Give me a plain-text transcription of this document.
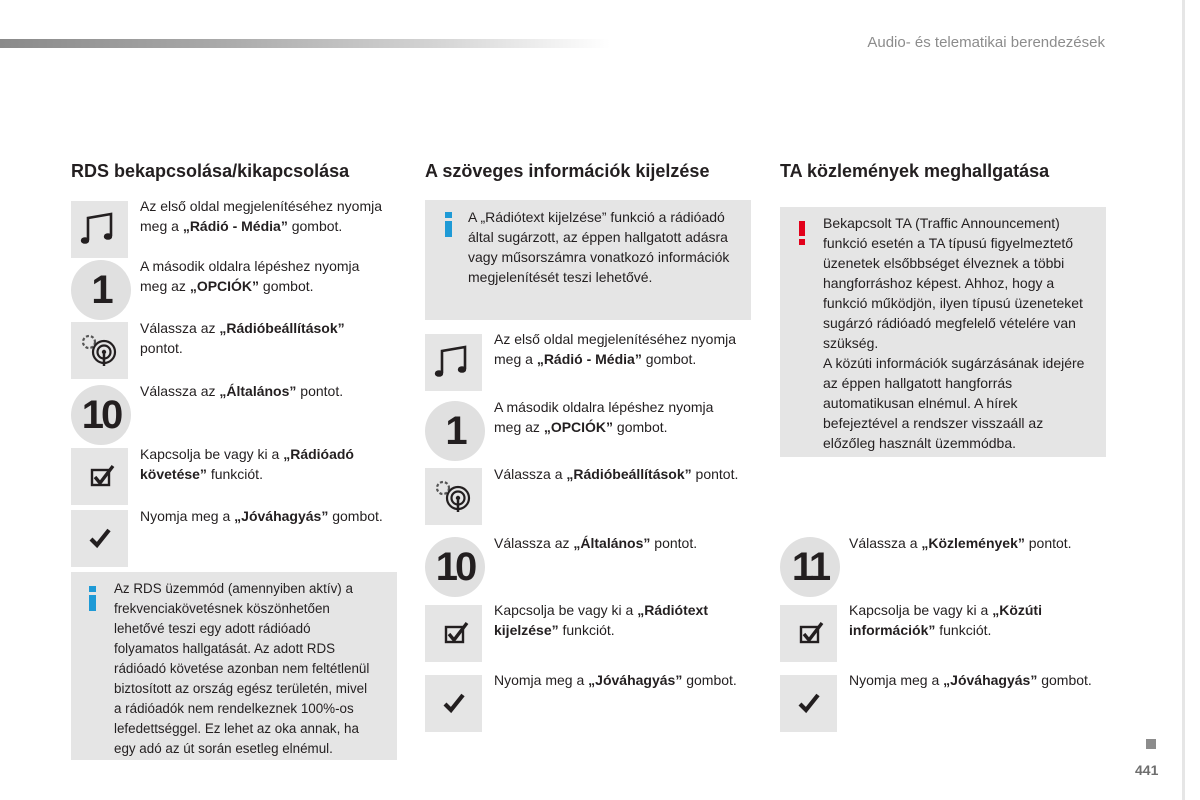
Audio- és telematikai berendezések
RDS bekapcsolása/kikapcsolása
Az első oldal megjelenítéséhez nyomja meg a „Rádió - Média” gombot.
1
A második oldalra lépéshez nyomja meg az „OPCIÓK” gombot.
Válassza az „Rádióbeállítások” pontot.
10
Válassza az „Általános” pontot.
Kapcsolja be vagy ki a „Rádióadó követése” funkciót.
Nyomja meg a „Jóváhagyás” gombot.
Az RDS üzemmód (amennyiben aktív) a frekvenciakövetésnek köszönhetően lehetővé teszi egy adott rádióadó folyamatos hallgatását. Az adott RDS rádióadó követése azonban nem feltétlenül biztosított az ország egész területén, mivel a rádióadók nem rendelkeznek 100%-os lefedettséggel. Ez lehet az oka annak, ha egy adó az út során esetleg elnémul.
A szöveges információk kijelzése
A „Rádiótext kijelzése” funkció a rádióadó által sugárzott, az éppen hallgatott adásra vagy műsorszámra vonatkozó információk megjelenítését teszi lehetővé.
Az első oldal megjelenítéséhez nyomja meg a „Rádió - Média” gombot.
1
A második oldalra lépéshez nyomja meg az „OPCIÓK” gombot.
Válassza a „Rádióbeállítások” pontot.
10
Válassza az „Általános” pontot.
Kapcsolja be vagy ki a „Rádiótext kijelzése” funkciót.
Nyomja meg a „Jóváhagyás” gombot.
TA közlemények meghallgatása
Bekapcsolt TA (Traffic Announcement) funkció esetén a TA típusú figyelmeztető üzenetek elsőbbséget élveznek a többi hangforráshoz képest. Ahhoz, hogy a funkció működjön, ilyen típusú üzeneteket sugárzó rádióadó megfelelő vételére van szükség.
A közúti információk sugárzásának idejére az éppen hallgatott hangforrás automatikusan elnémul. A hírek befejeztével a rendszer visszaáll az előzőleg használt üzemmódba.
11
Válassza a „Közlemények” pontot.
Kapcsolja be vagy ki a „Közúti információk” funkciót.
Nyomja meg a „Jóváhagyás” gombot.
441
